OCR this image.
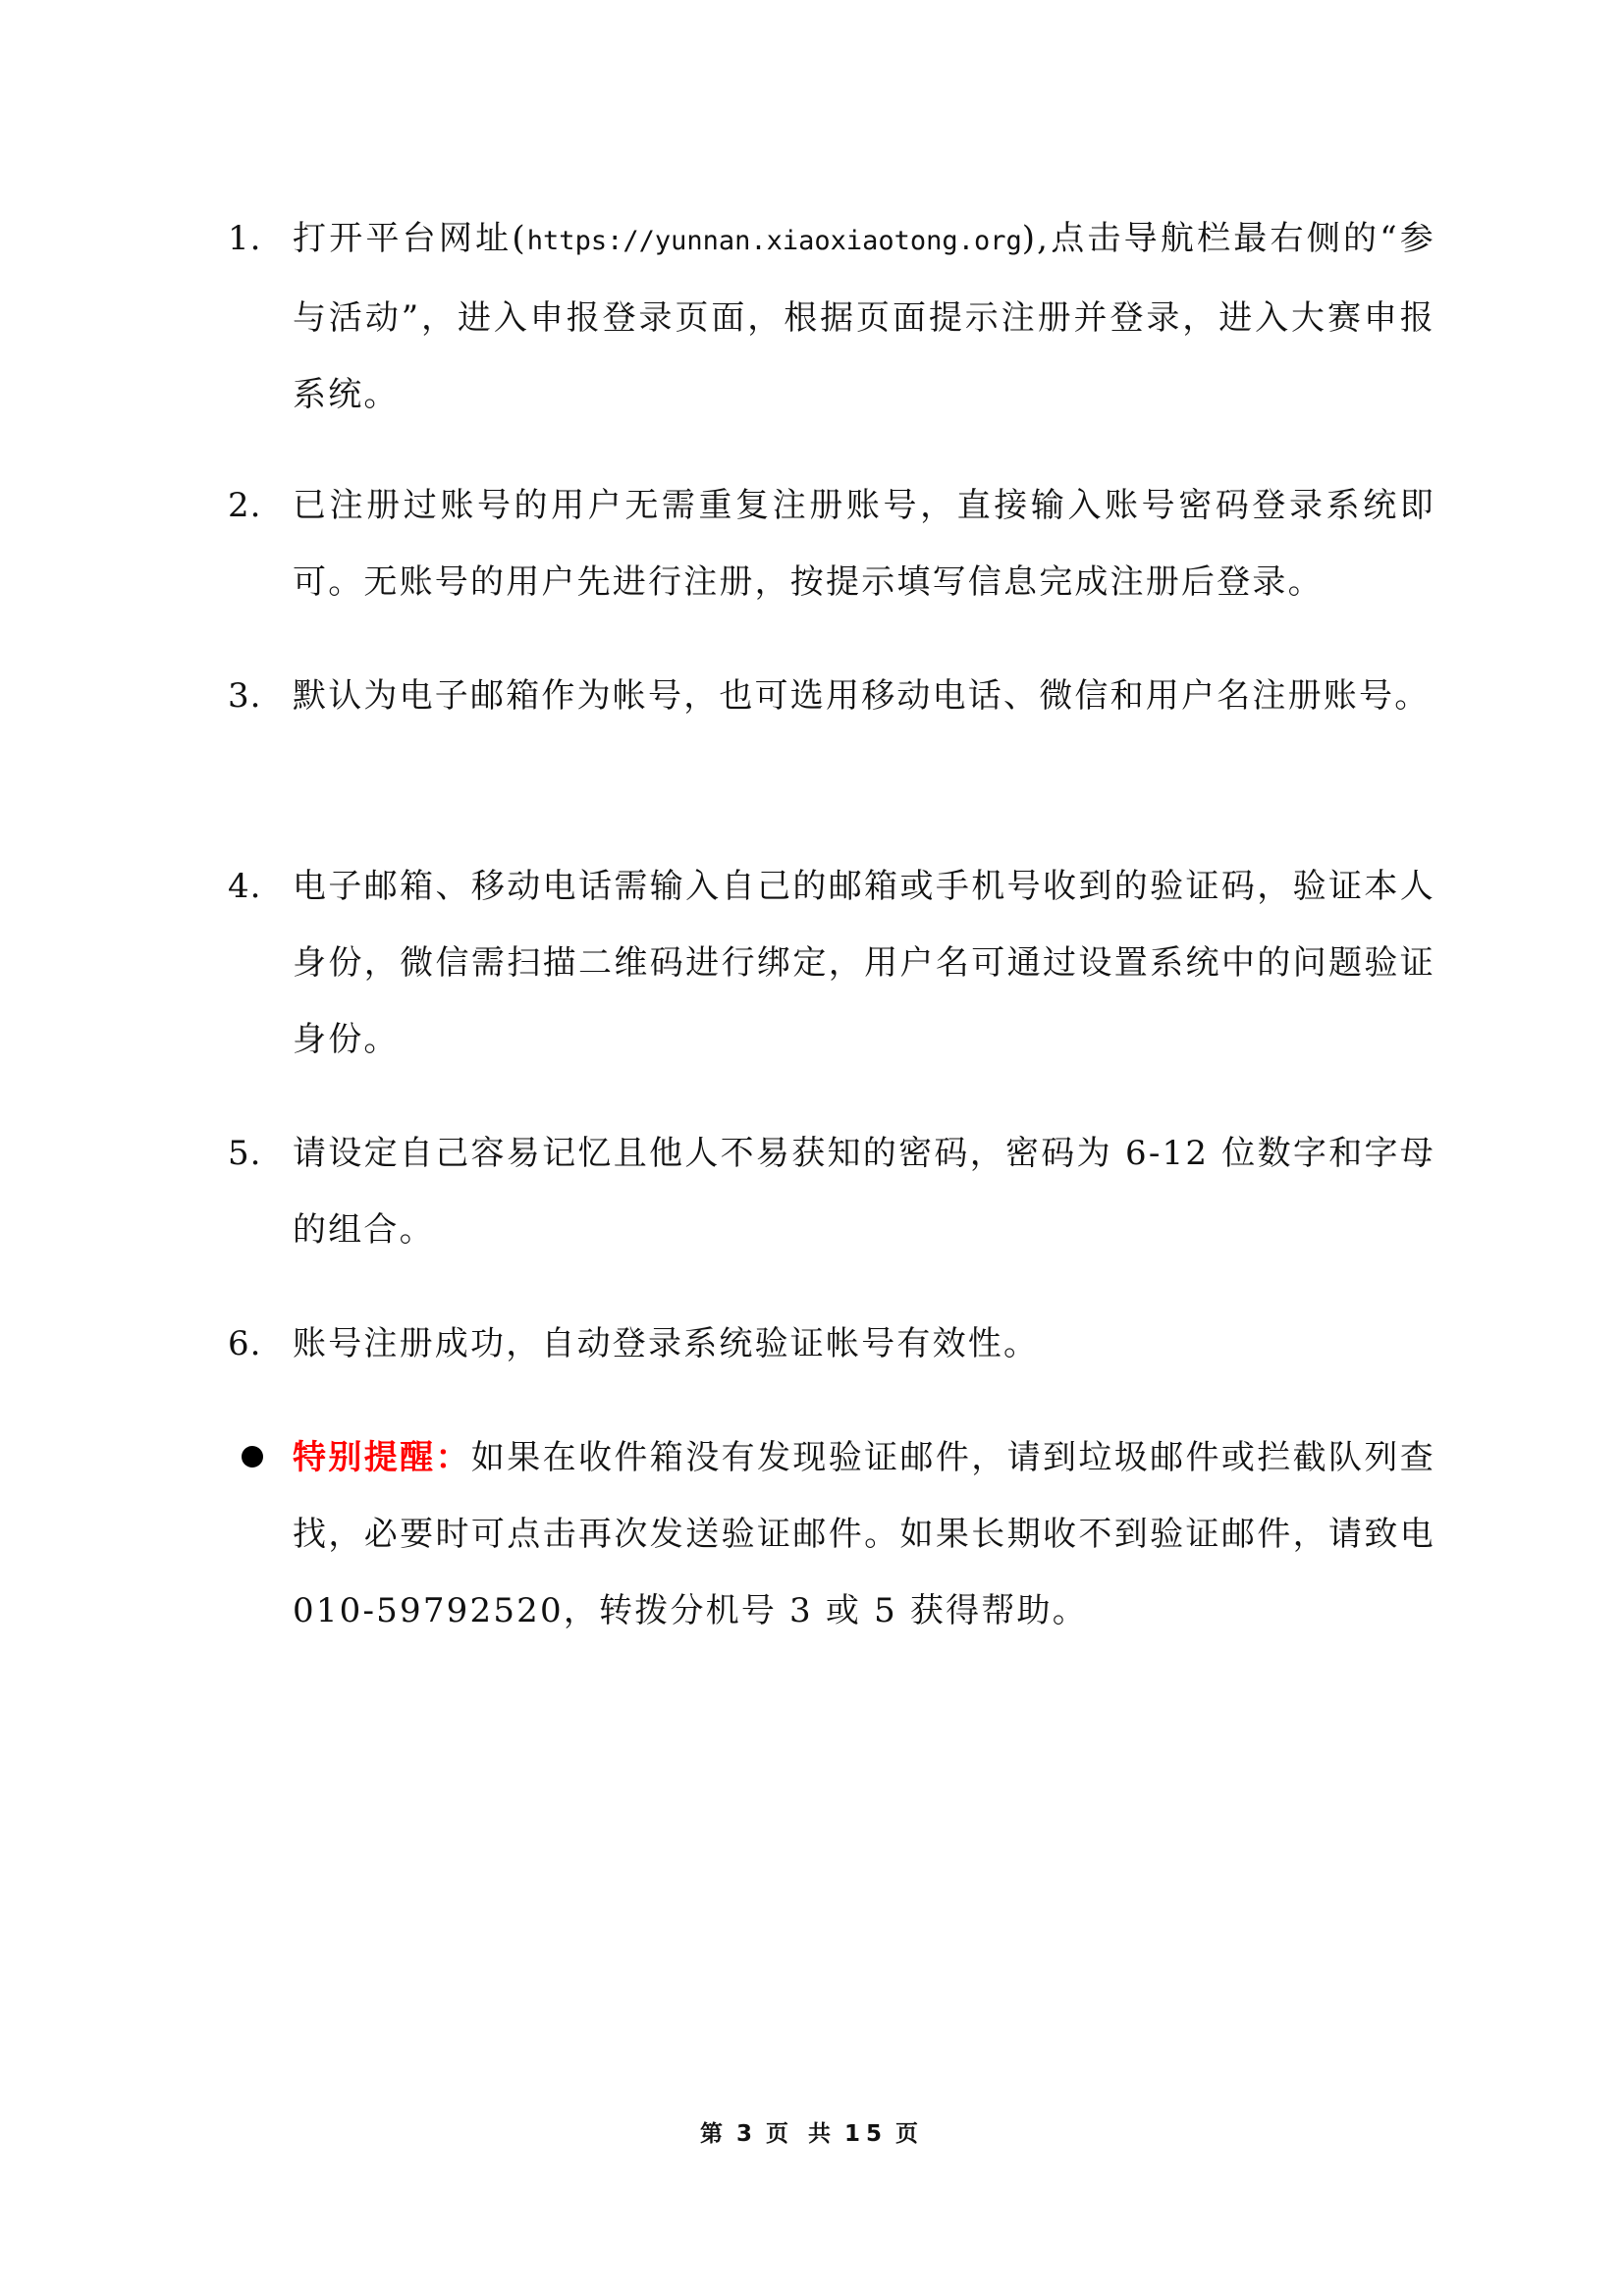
1. 打开平台网址(https://yunnan.xiaoxiaotong.org),点击导航栏最右侧的“参与活动”，进入申报登录页面，根据页面提示注册并登录，进入大赛申报系统。
2. 已注册过账号的用户无需重复注册账号，直接输入账号密码登录系统即可。无账号的用户先进行注册，按提示填写信息完成注册后登录。
3. 默认为电子邮箱作为帐号，也可选用移动电话、微信和用户名注册账号。
4. 电子邮箱、移动电话需输入自己的邮箱或手机号收到的验证码，验证本人身份，微信需扫描二维码进行绑定，用户名可通过设置系统中的问题验证身份。
5. 请设定自己容易记忆且他人不易获知的密码，密码为 6-12 位数字和字母的组合。
6. 账号注册成功，自动登录系统验证帐号有效性。
特别提醒：如果在收件箱没有发现验证邮件，请到垃圾邮件或拦截队列查找，必要时可点击再次发送验证邮件。如果长期收不到验证邮件，请致电 010-59792520，转拨分机号 3 或 5 获得帮助。
第 3 页 共 15 页
